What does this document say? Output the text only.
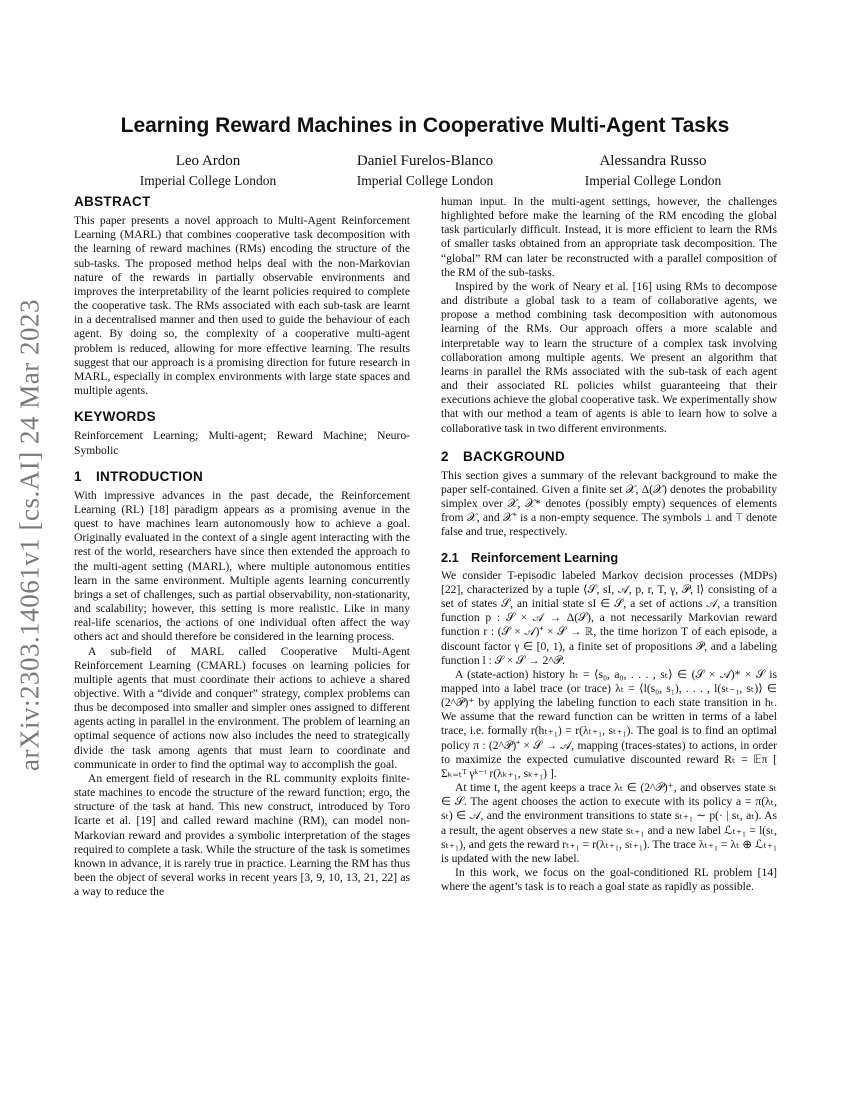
arXiv:2303.14061v1 [cs.AI] 24 Mar 2023
Learning Reward Machines in Cooperative Multi-Agent Tasks
Leo Ardon
Imperial College London
Daniel Furelos-Blanco
Imperial College London
Alessandra Russo
Imperial College London
ABSTRACT

This paper presents a novel approach to Multi-Agent Reinforcement Learning (MARL) that combines cooperative task decomposition with the learning of reward machines (RMs) encoding the structure of the sub-tasks. The proposed method helps deal with the non-Markovian nature of the rewards in partially observable environments and improves the interpretability of the learnt policies required to complete the cooperative task. The RMs associated with each sub-task are learnt in a decentralised manner and then used to guide the behaviour of each agent. By doing so, the complexity of a cooperative multi-agent problem is reduced, allowing for more effective learning. The results suggest that our approach is a promising direction for future research in MARL, especially in complex environments with large state spaces and multiple agents.

KEYWORDS

Reinforcement Learning; Multi-agent; Reward Machine; Neuro-Symbolic

1 INTRODUCTION

With impressive advances in the past decade, the Reinforcement Learning (RL) [18] paradigm appears as a promising avenue in the quest to have machines learn autonomously how to achieve a goal. Originally evaluated in the context of a single agent interacting with the rest of the world, researchers have since then extended the approach to the multi-agent setting (MARL), where multiple autonomous entities learn in the same environment. Multiple agents learning concurrently brings a set of challenges, such as partial observability, non-stationarity, and scalability; however, this setting is more realistic. Like in many real-life scenarios, the actions of one individual often affect the way others act and should therefore be considered in the learning process.

A sub-field of MARL called Cooperative Multi-Agent Reinforcement Learning (CMARL) focuses on learning policies for multiple agents that must coordinate their actions to achieve a shared objective. With a “divide and conquer” strategy, complex problems can thus be decomposed into smaller and simpler ones assigned to different agents acting in parallel in the environment. The problem of learning an optimal sequence of actions now also includes the need to strategically divide the task among agents that must learn to coordinate and communicate in order to find the optimal way to accomplish the goal.

An emergent field of research in the RL community exploits finite-state machines to encode the structure of the reward function; ergo, the structure of the task at hand. This new construct, introduced by Toro Icarte et al. [19] and called reward machine (RM), can model non-Markovian reward and provides a symbolic interpretation of the stages required to complete a task. While the structure of the task is sometimes known in advance, it is rarely true in practice. Learning the RM has thus been the object of several works in recent years [3, 9, 10, 13, 21, 22] as a way to reduce the

human input. In the multi-agent settings, however, the challenges highlighted before make the learning of the RM encoding the global task particularly difficult. Instead, it is more efficient to learn the RMs of smaller tasks obtained from an appropriate task decomposition. The “global” RM can later be reconstructed with a parallel composition of the RM of the sub-tasks.

Inspired by the work of Neary et al. [16] using RMs to decompose and distribute a global task to a team of collaborative agents, we propose a method combining task decomposition with autonomous learning of the RMs. Our approach offers a more scalable and interpretable way to learn the structure of a complex task involving collaboration among multiple agents. We present an algorithm that learns in parallel the RMs associated with the sub-task of each agent and their associated RL policies whilst guaranteeing that their executions achieve the global cooperative task. We experimentally show that with our method a team of agents is able to learn how to solve a collaborative task in two different environments.

2 BACKGROUND

This section gives a summary of the relevant background to make the paper self-contained. Given a finite set 𝒳, Δ(𝒳) denotes the probability simplex over 𝒳, 𝒳* denotes (possibly empty) sequences of elements from 𝒳, and 𝒳⁺ is a non-empty sequence. The symbols ⊥ and ⊤ denote false and true, respectively.

2.1 Reinforcement Learning

We consider T-episodic labeled Markov decision processes (MDPs) [22], characterized by a tuple ⟨𝒮, sI, 𝒜, p, r, T, γ, 𝒫, l⟩ consisting of a set of states 𝒮, an initial state sI ∈ 𝒮, a set of actions 𝒜, a transition function p : 𝒮 × 𝒜 → Δ(𝒮), a not necessarily Markovian reward function r : (𝒮 × 𝒜)⁺ × 𝒮 → ℝ, the time horizon T of each episode, a discount factor γ ∈ [0, 1), a finite set of propositions 𝒫, and a labeling function l : 𝒮 × 𝒮 → 2^𝒫.

A (state-action) history hₜ = ⟨s₀, a₀, . . . , sₜ⟩ ∈ (𝒮 × 𝒜)* × 𝒮 is mapped into a label trace (or trace) λₜ = ⟨l(s₀, s₁), . . . , l(sₜ₋₁, sₜ)⟩ ∈ (2^𝒫)⁺ by applying the labeling function to each state transition in hₜ. We assume that the reward function can be written in terms of a label trace, i.e. formally r(hₜ₊₁) = r(λₜ₊₁, sₜ₊₁). The goal is to find an optimal policy π : (2^𝒫)⁺ × 𝒮 → 𝒜, mapping (traces-states) to actions, in order to maximize the expected cumulative discounted reward Rₜ = 𝔼π [ Σₖ₌ₜᵀ γᵏ⁻ᵗ r(λₖ₊₁, sₖ₊₁) ].

At time t, the agent keeps a trace λₜ ∈ (2^𝒫)⁺, and observes state sₜ ∈ 𝒮. The agent chooses the action to execute with its policy a = π(λₜ, sₜ) ∈ 𝒜, and the environment transitions to state sₜ₊₁ ∼ p(· | sₜ, aₜ). As a result, the agent observes a new state sₜ₊₁ and a new label ℒₜ₊₁ = l(sₜ, sₜ₊₁), and gets the reward rₜ₊₁ = r(λₜ₊₁, sₜ₊₁). The trace λₜ₊₁ = λₜ ⊕ ℒₜ₊₁ is updated with the new label.

In this work, we focus on the goal-conditioned RL problem [14] where the agent’s task is to reach a goal state as rapidly as possible.
